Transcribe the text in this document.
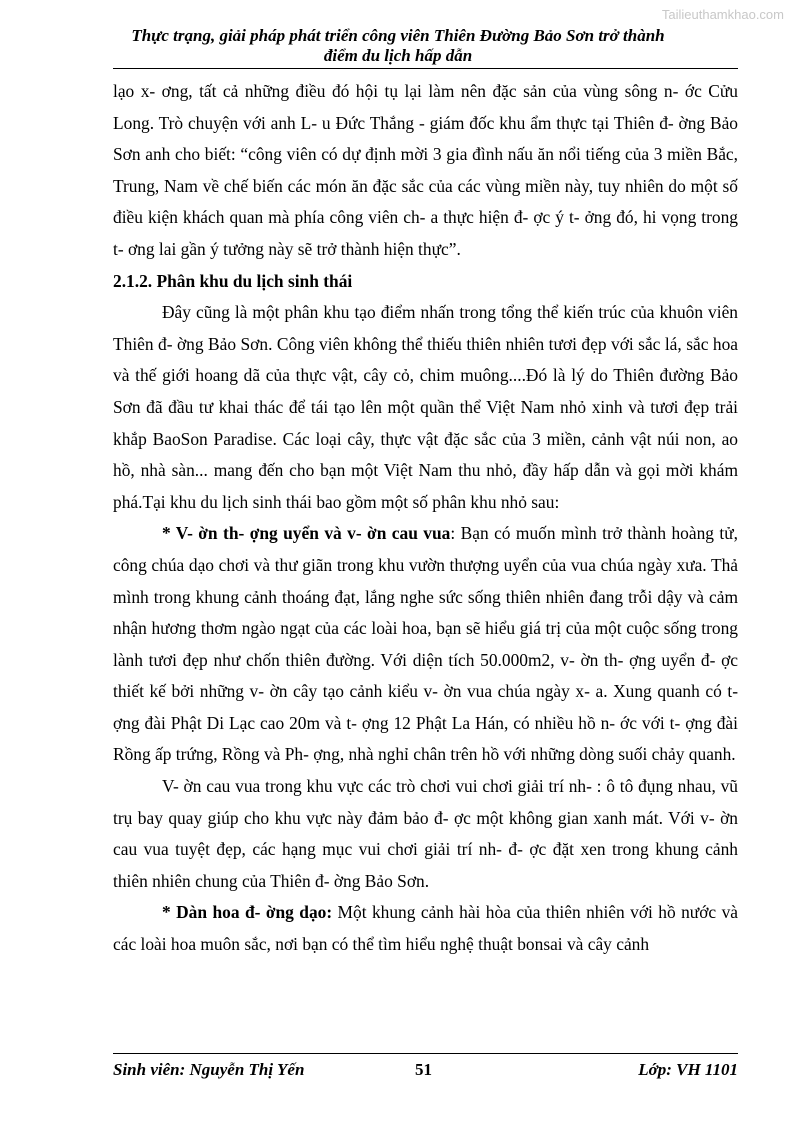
Tailieuthamkhao.com
Thực trạng, giải pháp phát triển công viên Thiên Đường Bảo Sơn trở thành điểm du lịch hấp dẫn

lạo x- ơng, tất cả những điều đó hội tụ lại làm nên đặc sản của vùng sông n- ớc Cửu Long. Trò chuyện với anh L- u Đức Thắng - giám đốc khu ẩm thực tại Thiên đ- ờng Bảo Sơn anh cho biết: “công viên có dự định mời 3 gia đình nấu ăn nổi tiếng của 3 miền Bắc, Trung, Nam về chế biến các món ăn đặc sắc của các vùng miền này, tuy nhiên do một số điều kiện khách quan mà phía công viên ch- a thực hiện đ- ợc ý t- ởng đó, hi vọng trong t- ơng lai gần ý tưởng này sẽ trở thành hiện thực”.

2.1.2. Phân khu du lịch sinh thái

Đây cũng là một phân khu tạo điểm nhấn trong tổng thể kiến trúc của khuôn viên Thiên đ- ờng Bảo Sơn. Công viên không thể thiếu thiên nhiên tươi đẹp với sắc lá, sắc hoa và thế giới hoang dã của thực vật, cây cỏ, chim muông....Đó là lý do Thiên đường Bảo Sơn đã đầu tư khai thác để tái tạo lên một quần thể Việt Nam nhỏ xinh và tươi đẹp trải khắp BaoSon Paradise. Các loại cây, thực vật đặc sắc của 3 miền, cảnh vật núi non, ao hồ, nhà sàn... mang đến cho bạn một Việt Nam thu nhỏ, đầy hấp dẫn và gọi mời khám phá.Tại khu du lịch sinh thái bao gồm một số phân khu nhỏ sau:

* V- ờn th- ợng uyển và v- ờn cau vua: Bạn có muốn mình trở thành hoàng tử, công chúa dạo chơi và thư giãn trong khu vườn thượng uyển của vua chúa ngày xưa. Thả mình trong khung cảnh thoáng đạt, lắng nghe sức sống thiên nhiên đang trỗi dậy và cảm nhận hương thơm ngào ngạt của các loài hoa, bạn sẽ hiểu giá trị của một cuộc sống trong lành tươi đẹp như chốn thiên đường. Với diện tích 50.000m2, v- ờn th- ợng uyển đ- ợc thiết kế bởi những v- ờn cây tạo cảnh kiểu v- ờn vua chúa ngày x- a. Xung quanh có t- ợng đài Phật Di Lạc cao 20m và t- ợng 12 Phật La Hán, có nhiều hồ n- ớc với t- ợng đài Rồng ấp trứng, Rồng và Ph- ợng, nhà nghỉ chân trên hồ với những dòng suối chảy quanh.

V- ờn cau vua trong khu vực các trò chơi vui chơi giải trí nh- : ô tô đụng nhau, vũ trụ bay quay giúp cho khu vực này đảm bảo đ- ợc một không gian xanh mát. Với v- ờn cau vua tuyệt đẹp, các hạng mục vui chơi giải trí nh- đ- ợc đặt xen trong khung cảnh thiên nhiên chung của Thiên đ- ờng Bảo Sơn.

* Dàn hoa đ- ờng dạo: Một khung cảnh hài hòa của thiên nhiên với hồ nước và các loài hoa muôn sắc, nơi bạn có thể tìm hiểu nghệ thuật bonsai và cây cảnh

Sinh viên: Nguyễn Thị Yến	51	Lớp: VH 1101
